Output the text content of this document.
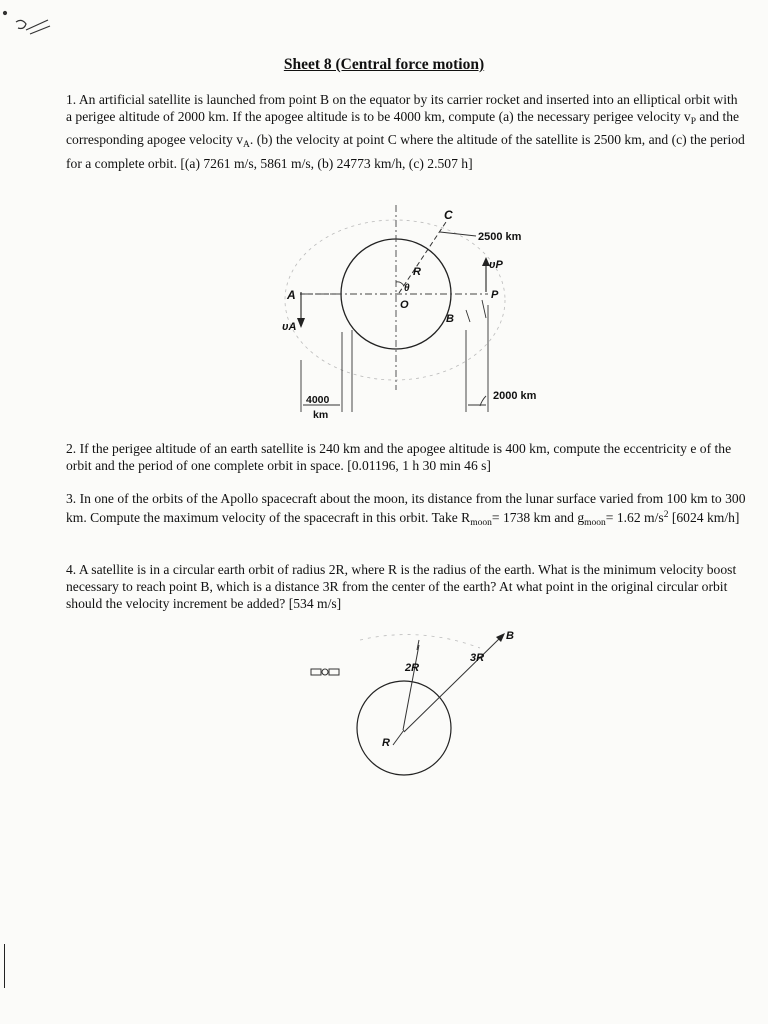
Sheet 8 (Central force motion)
1. An artificial satellite is launched from point B on the equator by its carrier rocket and inserted into an elliptical orbit with a perigee altitude of 2000 km. If the apogee altitude is to be 4000 km, compute (a) the necessary perigee velocity $v_P$ and the corresponding apogee velocity $v_A$. (b) the velocity at point C where the altitude of the satellite is 2500 km, and (c) the period for a complete orbit. [(a) 7261 m/s, 5861 m/s, (b) 24773 km/h, (c) 2.507 h]
2. If the perigee altitude of an earth satellite is 240 km and the apogee altitude is 400 km, compute the eccentricity e of the orbit and the period of one complete orbit in space. [0.01196, 1 h 30 min 46 s]
3. In one of the orbits of the Apollo spacecraft about the moon, its distance from the lunar surface varied from 100 km to 300 km. Compute the maximum velocity of the spacecraft in this orbit. Take $R_{moon}= 1738$ km and $g_{moon}= 1.62$ $m/s^2$ [6024 km/h]
4. A satellite is in a circular earth orbit of radius 2R, where R is the radius of the earth. What is the minimum velocity boost necessary to reach point B, which is a distance 3R from the center of the earth? At what point in the original circular orbit should the velocity increment be added? [534 m/s]
C
2500 km
υP
R
θ
O
P
A
υA
B
2000 km
4000
km
B
3R
2R
R
